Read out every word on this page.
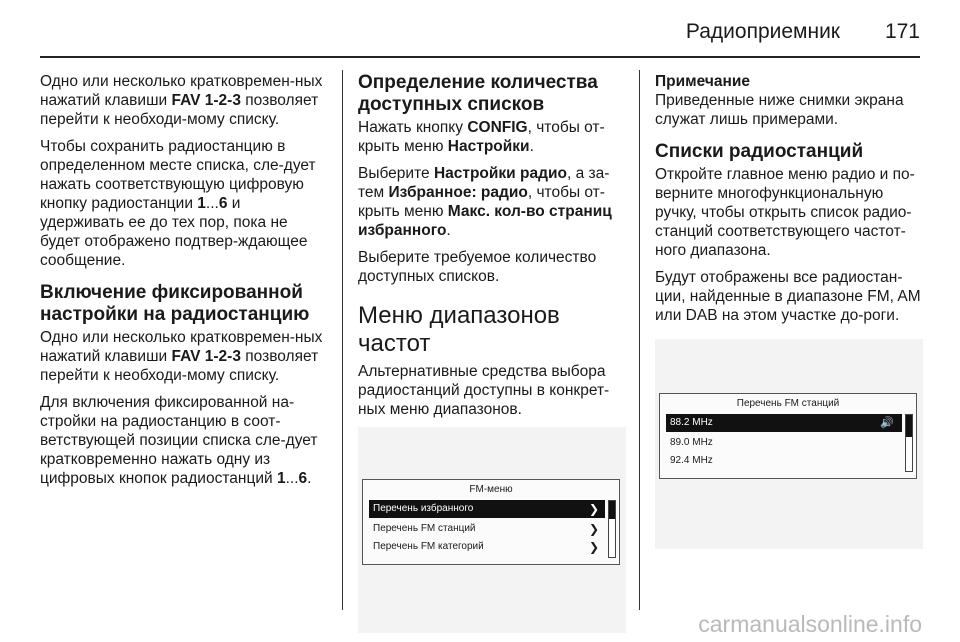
Радиоприемник 171

Одно или несколько кратковремен-ных нажатий клавиши FAV 1-2-3 позволяет перейти к необходи-мому списку.

Чтобы сохранить радиостанцию в определенном месте списка, сле-дует нажать соответствующую цифровую кнопку радиостанции 1...6 и удерживать ее до тех пор, пока не будет отображено подтвер-ждающее сообщение.

Включение фиксированной настройки на радиостанцию

Одно или несколько кратковремен-ных нажатий клавиши FAV 1-2-3 позволяет перейти к необходи-мому списку.

Для включения фиксированной на-стройки на радиостанцию в соот-ветствующей позиции списка сле-дует кратковременно нажать одну из цифровых кнопок радиостанций 1...6.

Определение количества доступных списков

Нажать кнопку CONFIG, чтобы от-крыть меню Настройки.

Выберите Настройки радио, а за-тем Избранное: радио, чтобы от-крыть меню Макс. кол-во страниц избранного.

Выберите требуемое количество доступных списков.

Меню диапазонов частот

Альтернативные средства выбора радиостанций доступны в конкрет-ных меню диапазонов.

FM-меню
Перечень избранного	❯
Перечень FM станций	❯
Перечень FM категорий	❯
Примечание

Приведенные ниже снимки экрана служат лишь примерами.

Списки радиостанций

Откройте главное меню радио и по-верните многофункциональную ручку, чтобы открыть список радио-станций соответствующего частот-ного диапазона.

Будут отображены все радиостан-ции, найденные в диапазоне FM, AM или DAB на этом участке до-роги.

Перечень FM станций
88.2 MHz	🔊
89.0 MHz
92.4 MHz
carmanualsonline.info
